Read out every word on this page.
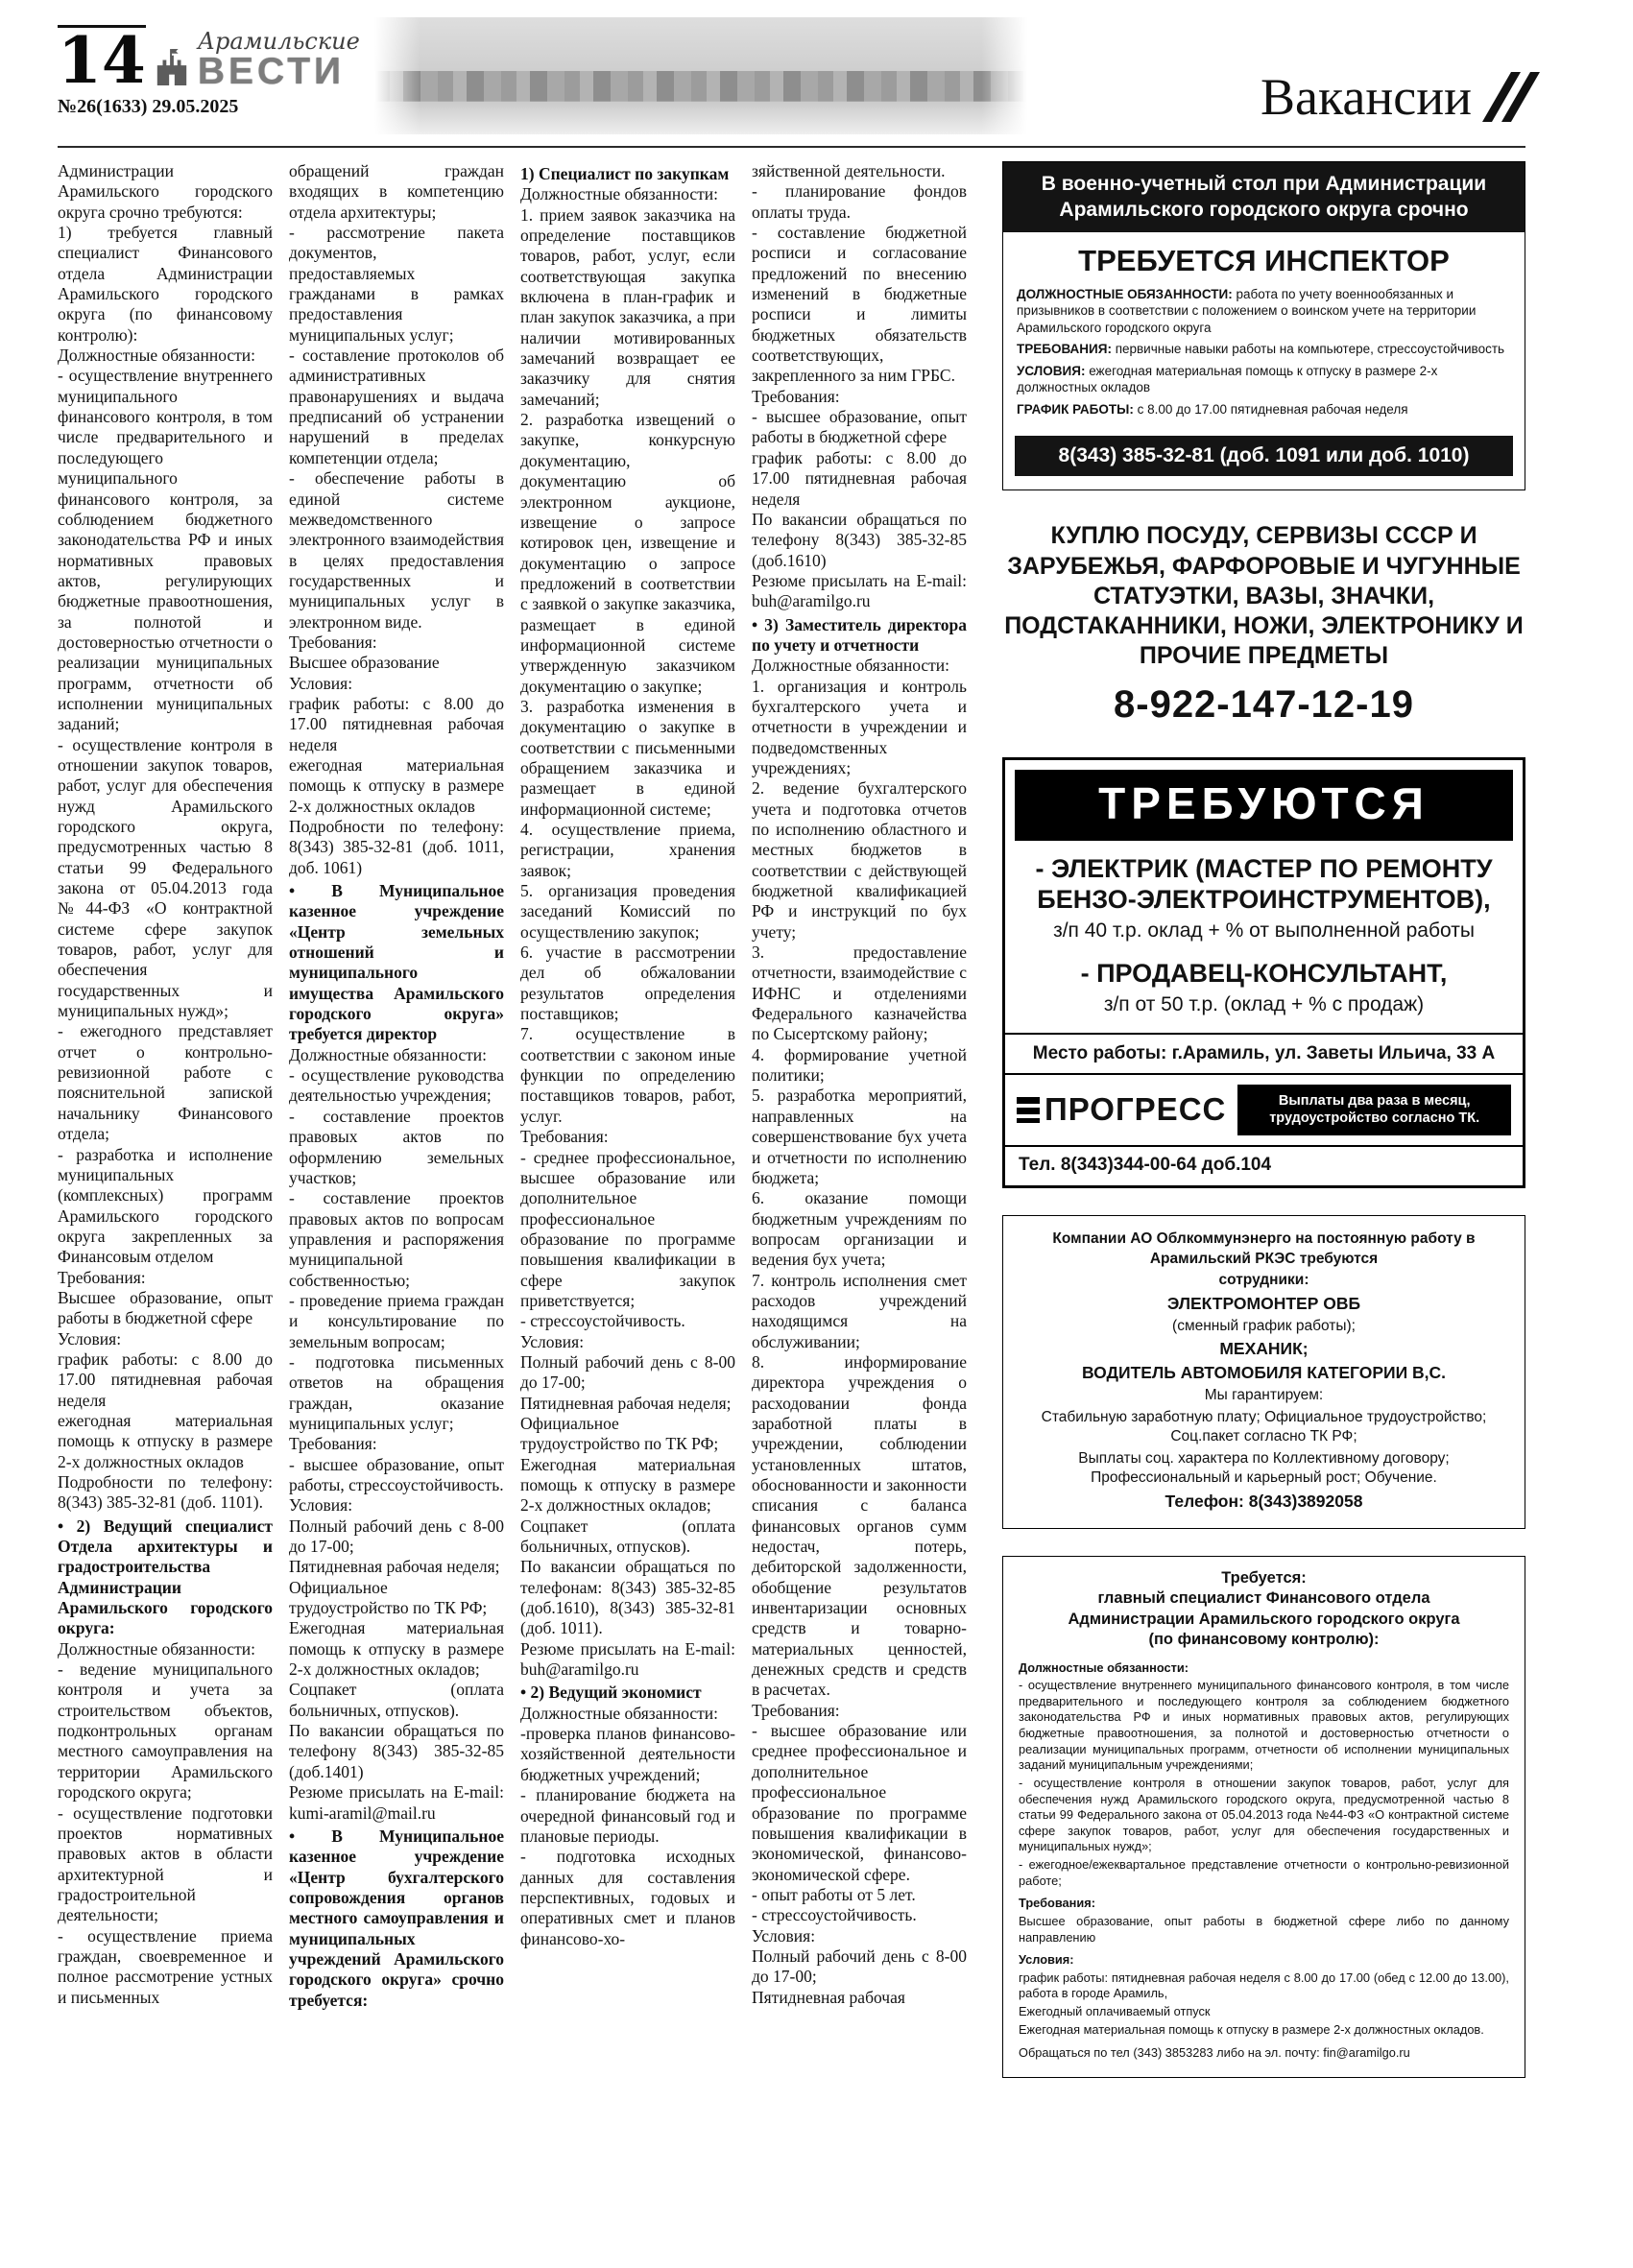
14 Арамильские
ВЕСТИ
№26(1633) 29.05.2025	Вакансии
Администрации Арамильского городского округа срочно требуются:
1) требуется главный специалист Финансового отдела Администрации Арамильского городского округа (по финансовому контролю):
Должностные обязанности:
- осуществление внутреннего муниципального финансового контроля, в том числе предварительного и последующего муниципального финансового контроля, за соблюдением бюджетного законодательства РФ и иных нормативных правовых актов, регулирующих бюджетные правоотношения, за полнотой и достоверностью отчетности о реализации муниципальных программ, отчетности об исполнении муниципальных заданий;
- осуществление контроля в отношении закупок товаров, работ, услуг для обеспечения нужд Арамильского городского округа, предусмотренных частью 8 статьи 99 Федерального закона от 05.04.2013 года №44-ФЗ «О контрактной системе сфере закупок товаров, работ, услуг для обеспечения государственных и муниципальных нужд»;
- ежегодного представляет отчет о контрольно-ревизионной работе с пояснительной запиской начальнику Финансового отдела;
- разработка и исполнение муниципальных (комплексных) программ Арамильского городского округа закрепленных за Финансовым отделом
Требования:
Высшее образование, опыт работы в бюджетной сфере
Условия:
график работы: с 8.00 до 17.00 пятидневная рабочая неделя
ежегодная материальная помощь к отпуску в размере 2-х должностных окладов
Подробности по телефону: 8(343) 385-32-81 (доб. 1101).
• 2) Ведущий специалист Отдела архитектуры и градостроительства Администрации Арамильского городского округа:
Должностные обязанности:
- ведение муниципального контроля и учета за строительством объектов, подконтрольных органам местного самоуправления на территории Арамильского городского округа;
- осуществление подготовки проектов нормативных правовых актов в области архитектурной и градостроительной деятельности;
- осуществление приема граждан, своевременное и полное рассмотрение устных и письменных
обращений граждан входящих в компетенцию отдела архитектуры;
- рассмотрение пакета документов, предоставляемых гражданами в рамках предоставления муниципальных услуг;
- составление протоколов об административных правонарушениях и выдача предписаний об устранении нарушений в пределах компетенции отдела;
- обеспечение работы в единой системе межведомственного электронного взаимодействия в целях предоставления государственных и муниципальных услуг в электронном виде.
Требования:
Высшее образование
Условия:
график работы: с 8.00 до 17.00 пятидневная рабочая неделя
ежегодная материальная помощь к отпуску в размере 2-х должностных окладов
Подробности по телефону: 8(343) 385-32-81 (доб. 1011, доб. 1061)
• В Муниципальное казенное учреждение «Центр земельных отношений и муниципального имущества Арамильского городского округа» требуется директор
Должностные обязанности:
- осуществление руководства деятельностью учреждения;
- составление проектов правовых актов по оформлению земельных участков;
- составление проектов правовых актов по вопросам управления и распоряжения муниципальной собственностью;
- проведение приема граждан и консультирование по земельным вопросам;
- подготовка письменных ответов на обращения граждан, оказание муниципальных услуг;
Требования:
- высшее образование, опыт работы, стрессоустойчивость.
Условия:
Полный рабочий день с 8-00 до 17-00;
Пятидневная рабочая неделя;
Официальное трудоустройство по ТК РФ;
Ежегодная материальная помощь к отпуску в размере 2-х должностных окладов;
Соцпакет (оплата больничных, отпусков).
По вакансии обращаться по телефону 8(343) 385-32-85 (доб.1401)
Резюме присылать на E-mail: kumi-aramil@mail.ru
• В Муниципальное казенное учреждение «Центр бухгалтерского сопровождения органов местного самоуправления и муниципальных учреждений Арамильского городского округа» срочно требуется:
1) Специалист по закупкам
Должностные обязанности:
1. прием заявок заказчика на определение поставщиков товаров, работ, услуг, если соответствующая закупка включена в план-график и план закупок заказчика, а при наличии мотивированных замечаний возвращает ее заказчику для снятия замечаний;
2. разработка извещений о закупке, конкурсную документацию, документацию об электронном аукционе, извещение о запросе котировок цен, извещение и документацию о запросе предложений в соответствии с заявкой о закупке заказчика, размещает в единой информационной системе утвержденную заказчиком документацию о закупке;
3. разработка изменения в документацию о закупке в соответствии с письменными обращением заказчика и размещает в единой информационной системе;
4. осуществление приема, регистрации, хранения заявок;
5. организация проведения заседаний Комиссий по осуществлению закупок;
6. участие в рассмотрении дел об обжаловании результатов определения поставщиков;
7. осуществление в соответствии с законом иные функции по определению поставщиков товаров, работ, услуг.
Требования:
- среднее профессиональное, высшее образование или дополнительное профессиональное образование по программе повышения квалификации в сфере закупок приветствуется;
- стрессоустойчивость.
Условия:
Полный рабочий день с 8-00 до 17-00;
Пятидневная рабочая неделя;
Официальное трудоустройство по ТК РФ;
Ежегодная материальная помощь к отпуску в размере 2-х должностных окладов;
Соцпакет (оплата больничных, отпусков).
По вакансии обращаться по телефонам: 8(343) 385-32-85 (доб.1610), 8(343) 385-32-81 (доб. 1011).
Резюме присылать на E-mail: buh@aramilgo.ru
• 2) Ведущий экономист
Должностные обязанности:
-проверка планов финансово-хозяйственной деятельности бюджетных учреждений;
- планирование бюджета на очередной финансовый год и плановые периоды.
- подготовка исходных данных для составления перспективных, годовых и оперативных смет и планов финансово-хо-
зяйственной деятельности.
- планирование фондов оплаты труда.
- составление бюджетной росписи и согласование предложений по внесению изменений в бюджетные росписи и лимиты бюджетных обязательств соответствующих, закрепленного за ним ГРБС.
Требования:
- высшее образование, опыт работы в бюджетной сфере
график работы: с 8.00 до 17.00 пятидневная рабочая неделя
По вакансии обращаться по телефону 8(343) 385-32-85 (доб.1610)
Резюме присылать на E-mail: buh@aramilgo.ru
• 3) Заместитель директора по учету и отчетности
Должностные обязанности:
1. организация и контроль бухгалтерского учета и отчетности в учреждении и подведомственных учреждениях;
2. ведение бухгалтерского учета и подготовка отчетов по исполнению областного и местных бюджетов в соответствии с действующей бюджетной квалификацией РФ и инструкций по бух учету;
3. предоставление отчетности, взаимодействие с ИФНС и отделениями Федерального казначейства по Сысертскому району;
4. формирование учетной политики;
5. разработка мероприятий, направленных на совершенствование бух учета и отчетности по исполнению бюджета;
6. оказание помощи бюджетным учреждениям по вопросам организации и ведения бух учета;
7. контроль исполнения смет расходов учреждений находящимся на обслуживании;
8. информирование директора учреждения о расходовании фонда заработной платы в учреждении, соблюдении установленных штатов, обоснованности и законности списания с баланса финансовых органов сумм недостач, потерь, дебиторской задолженности, обобщение результатов инвентаризации основных средств и товарно-материальных ценностей, денежных средств и средств в расчетах.
Требования:
- высшее образование или среднее профессиональное и дополнительное профессиональное образование по программе повышения квалификации в экономической, финансово-экономической сфере.
- опыт работы от 5 лет.
- стрессоустойчивость.
Условия:
Полный рабочий день с 8-00 до 17-00;
Пятидневная рабочая
В военно-учетный стол при Администрации Арамильского городского округа срочно
ТРЕБУЕТСЯ ИНСПЕКТОР
ДОЛЖНОСТНЫЕ ОБЯЗАННОСТИ: работа по учету военнообязанных и призывников в соответствии с положением о воинском учете на территории Арамильского городского округа
ТРЕБОВАНИЯ: первичные навыки работы на компьютере, стрессоустойчивость
УСЛОВИЯ: ежегодная материальная помощь к отпуску в размере 2-х должностных окладов
ГРАФИК РАБОТЫ: с 8.00 до 17.00 пятидневная рабочая неделя
8(343) 385-32-81 (доб. 1091 или доб. 1010)
КУПЛЮ ПОСУДУ, СЕРВИЗЫ СССР И ЗАРУБЕЖЬЯ, ФАРФОРОВЫЕ И ЧУГУННЫЕ СТАТУЭТКИ, ВАЗЫ, ЗНАЧКИ, ПОДСТАКАННИКИ, НОЖИ, ЭЛЕКТРОНИКУ И ПРОЧИЕ ПРЕДМЕТЫ
8-922-147-12-19
ТРЕБУЮТСЯ
- ЭЛЕКТРИК (МАСТЕР ПО РЕМОНТУ БЕНЗО-ЭЛЕКТРОИНСТРУМЕНТОВ),
з/п 40 т.р. оклад + % от выполненной работы
- ПРОДАВЕЦ-КОНСУЛЬТАНТ,
з/п от 50 т.р. (оклад + % с продаж)
Место работы: г.Арамиль, ул. Заветы Ильича, 33 А
ПРОГРЕСС	Выплаты два раза в месяц, трудоустройство согласно ТК.
Тел. 8(343)344-00-64 доб.104
Компании АО Облкоммунэнерго на постоянную работу в Арамильский РКЭС требуются
сотрудники:
ЭЛЕКТРОМОНТЕР ОВБ
(сменный график работы);
МЕХАНИК;
ВОДИТЕЛЬ АВТОМОБИЛЯ КАТЕГОРИИ В,С.
Мы гарантируем:
Стабильную заработную плату; Официальное трудоустройство; Соц.пакет согласно ТК РФ;
Выплаты соц. характера по Коллективному договору; Профессиональный и карьерный рост; Обучение.
Телефон: 8(343)3892058
Требуется:
главный специалист Финансового отдела
Администрации Арамильского городского округа
(по финансовому контролю):
Должностные обязанности:
- осуществление внутреннего муниципального финансового контроля, в том числе предварительного и последующего контроля за соблюдением бюджетного законодательства РФ и иных нормативных правовых актов, регулирующих бюджетные правоотношения, за полнотой и достоверностью отчетности о реализации муниципальных программ, отчетности об исполнении муниципальных заданий муниципальным учреждениями;
- осуществление контроля в отношении закупок товаров, работ, услуг для обеспечения нужд Арамильского городского округа, предусмотренной частью 8 статьи 99 Федерального закона от 05.04.2013 года №44-ФЗ «О контрактной системе сфере закупок товаров, работ, услуг для обеспечения государственных и муниципальных нужд»;
- ежегодное/ежеквартальное представление отчетности о контрольно-ревизионной работе;
Требования:
Высшее образование, опыт работы в бюджетной сфере либо по данному направлению
Условия:
график работы: пятидневная рабочая неделя с 8.00 до 17.00 (обед с 12.00 до 13.00), работа в городе Арамиль,
Ежегодный оплачиваемый отпуск
Ежегодная материальная помощь к отпуску в размере 2-х должностных окладов.
Обращаться по тел (343) 3853283 либо на эл. почту: fin@aramilgo.ru
